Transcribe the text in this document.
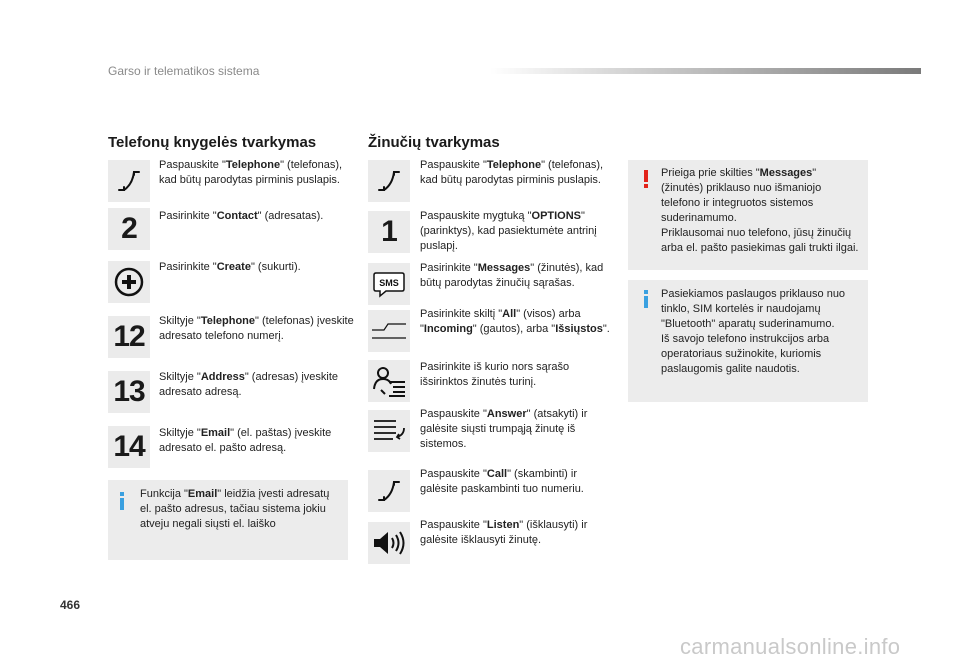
Garso ir telematikos sistema
Telefonų knygelės tvarkymas
Paspauskite "Telephone" (telefonas), kad būtų parodytas pirminis puslapis.
2 Pasirinkite "Contact" (adresatas).
Pasirinkite "Create" (sukurti).
12 Skiltyje "Telephone" (telefonas) įveskite adresato telefono numerį.
13 Skiltyje "Address" (adresas) įveskite adresato adresą.
14 Skiltyje "Email" (el. paštas) įveskite adresato el. pašto adresą.
Funkcija "Email" leidžia įvesti adresatų el. pašto adresus, tačiau sistema jokiu atveju negali siųsti el. laiško
Žinučių tvarkymas
Paspauskite "Telephone" (telefonas), kad būtų parodytas pirminis puslapis.
1 Paspauskite mygtuką "OPTIONS" (parinktys), kad pasiektumėte antrinį puslapį.
SMS
Pasirinkite "Messages" (žinutės), kad būtų parodytas žinučių sąrašas.
Pasirinkite skiltį "All" (visos) arba "Incoming" (gautos), arba "Išsiųstos".
Pasirinkite iš kurio nors sąrašo išsirinktos žinutės turinį.
Paspauskite "Answer" (atsakyti) ir galėsite siųsti trumpąją žinutę iš sistemos.
Paspauskite "Call" (skambinti) ir galėsite paskambinti tuo numeriu.
Paspauskite "Listen" (išklausyti) ir galėsite išklausyti žinutę.
Prieiga prie skilties "Messages" (žinutės) priklauso nuo išmaniojo telefono ir integruotos sistemos suderinamumo.
Priklausomai nuo telefono, jūsų žinučių arba el. pašto pasiekimas gali trukti ilgai.
Pasiekiamos paslaugos priklauso nuo tinklo, SIM kortelės ir naudojamų "Bluetooth" aparatų suderinamumo.
Iš savojo telefono instrukcijos arba operatoriaus sužinokite, kuriomis paslaugomis galite naudotis.
466
carmanualsonline.info
